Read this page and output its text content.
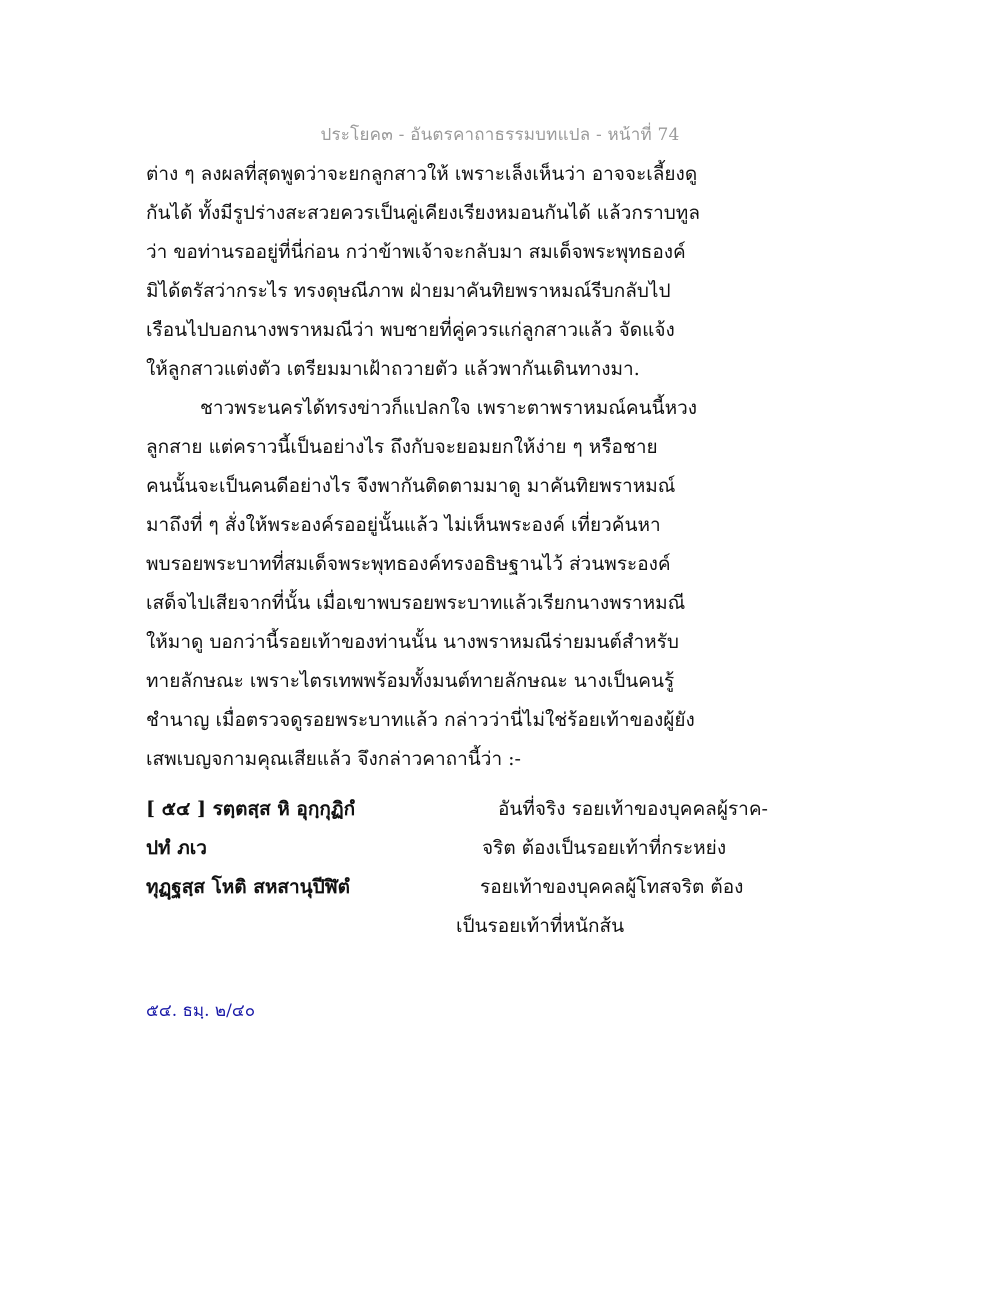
ประโยค๓ - อันตรคาถาธรรมบทแปล - หน้าที่ 74
ต่าง ๆ ลงผลที่สุดพูดว่าจะยกลูกสาวให้ เพราะเล็งเห็นว่า อาจจะเลี้ยงดู
กันได้ ทั้งมีรูปร่างสะสวยควรเป็นคู่เคียงเรียงหมอนกันได้ แล้วกราบทูล
ว่า ขอท่านรออยู่ที่นี่ก่อน กว่าข้าพเจ้าจะกลับมา สมเด็จพระพุทธองค์
มิได้ตรัสว่ากระไร ทรงดุษณีภาพ ฝ่ายมาคันทิยพราหมณ์รีบกลับไป
เรือนไปบอกนางพราหมณีว่า พบชายที่คู่ควรแก่ลูกสาวแล้ว จัดแจ้ง
ให้ลูกสาวแต่งตัว เตรียมมาเฝ้าถวายตัว แล้วพากันเดินทางมา.
ชาวพระนครได้ทรงข่าวก็แปลกใจ เพราะตาพราหมณ์คนนี้หวง
ลูกสาย แต่คราวนี้เป็นอย่างไร ถึงกับจะยอมยกให้ง่าย ๆ หรือชาย
คนนั้นจะเป็นคนดีอย่างไร จึงพากันติดตามมาดู มาคันทิยพราหมณ์
มาถึงที่ ๆ สั่งให้พระองค์รออยู่นั้นแล้ว ไม่เห็นพระองค์ เที่ยวค้นหา
พบรอยพระบาทที่สมเด็จพระพุทธองค์ทรงอธิษฐานไว้ ส่วนพระองค์
เสด็จไปเสียจากที่นั้น เมื่อเขาพบรอยพระบาทแล้วเรียกนางพราหมณี
ให้มาดู บอกว่านี้รอยเท้าของท่านนั้น นางพราหมณีร่ายมนต์สำหรับ
ทายลักษณะ เพราะไตรเทพพร้อมทั้งมนต์ทายลักษณะ นางเป็นคนรู้
ชำนาญ เมื่อตรวจดูรอยพระบาทแล้ว กล่าวว่านี่ไม่ใช่ร้อยเท้าของผู้ยัง
เสพเบญจกามคุณเสียแล้ว จึงกล่าวคาถานี้ว่า :-
[ ๕๔ ] รตฺตสฺส หิ อุกฺกุฏิกํ	อันที่จริง รอยเท้าของบุคคลผู้ราค-
ปทํ ภเว	จริต ต้องเป็นรอยเท้าที่กระหย่ง
ทุฏฺฐสฺส โหติ สหสานุปีฬิตํ	รอยเท้าของบุคคลผู้โทสจริต ต้อง
เป็นรอยเท้าที่หนักส้น
๕๔. ธมฺ. ๒/๔๐
